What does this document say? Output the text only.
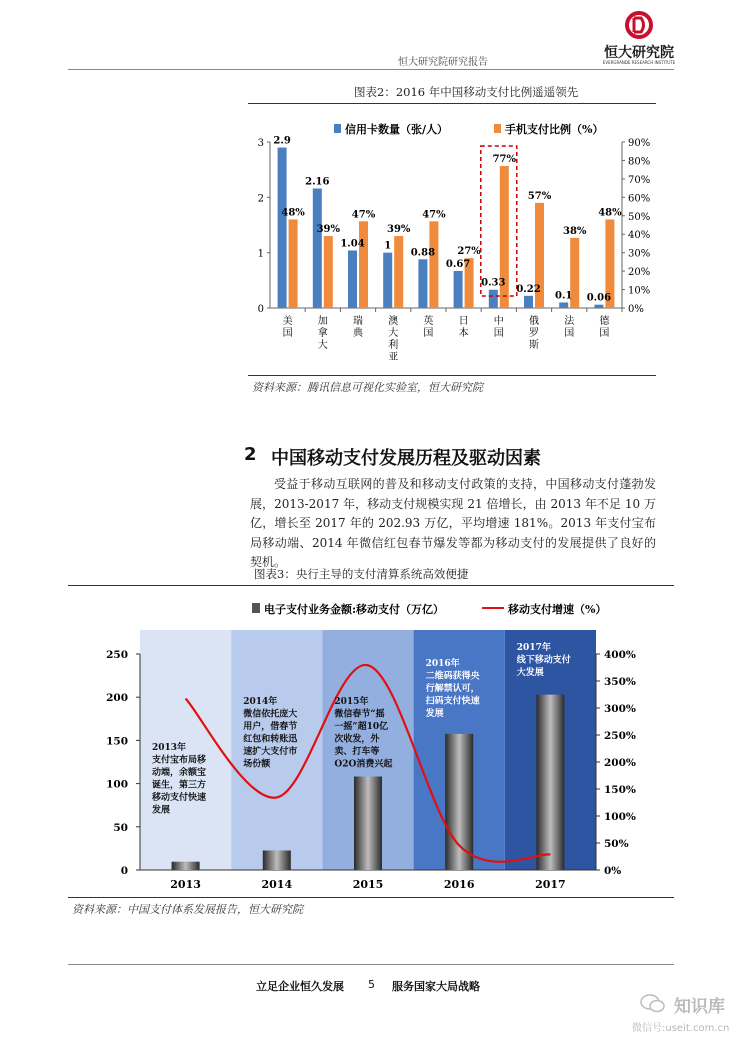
恒大研究院
EVERGRANDE RESEARCH INSTITUTE
恒大研究院研究报告
图表2：2016 年中国移动支付比例遥遥领先
0
1
2
3
0%
10%
20%
30%
40%
50%
60%
70%
80%
90%
2.9
48%
美
国
2.16
39%
加
拿
大
1.04
47%
瑞
典
1
39%
澳
大
利
亚
0.88
47%
英
国
0.67
27%
日
本
0.33
77%
中
国
0.22
57%
俄
罗
斯
0.1
38%
法
国
0.06
48%
德
国
信用卡数量（张/人）	手机支付比例（%）
资料来源：腾讯信息可视化实验室，恒大研究院
2 中国移动支付发展历程及驱动因素
受益于移动互联网的普及和移动支付政策的支持，中国移动支付蓬勃发展，2013-2017 年，移动支付规模实现 21 倍增长，由 2013 年不足 10 万亿，增长至 2017 年的 202.93 万亿，平均增速 181%。2013 年支付宝布局移动端、2014 年微信红包春节爆发等都为移动支付的发展提供了良好的契机。
图表3：央行主导的支付清算系统高效便捷
0
50
100
150
200
250
0%
50%
100%
150%
200%
250%
300%
350%
400%
2013	2014	2015	2016	2017
2013年
支付宝布局移
动端，余额宝
诞生，第三方
移动支付快速
发展
2014年
微信依托庞大
用户，借春节
红包和转账迅
速扩大支付市
场份额
2015年
微信春节“摇
一摇”超10亿
次收发，外
卖、打车等
O2O消费兴起
2016年
二维码获得央
行解禁认可，
扫码支付快速
发展
2017年
线下移动支付
大发展
电子支付业务金额:移动支付（万亿）	移动支付增速（%）
资料来源：中国支付体系发展报告，恒大研究院
立足企业恒久发展 5 服务国家大局战略
知识库
微信号:useit.com.cn
